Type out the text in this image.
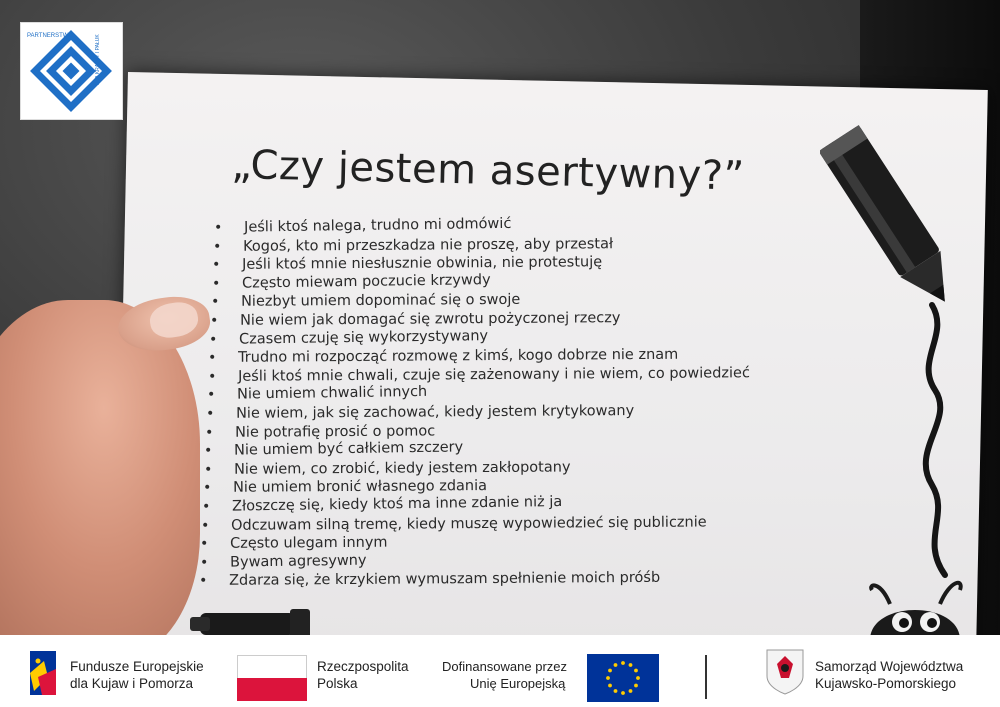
„Czy jestem asertywny?”
• Jeśli ktoś nalega, trudno mi odmówić
• Kogoś, kto mi przeszkadza nie proszę, aby przestał
• Jeśli ktoś mnie niesłusznie obwinia, nie protestuję
• Często miewam poczucie krzywdy
• Niezbyt umiem dopominać się o swoje
• Nie wiem jak domagać się zwrotu pożyczonej rzeczy
• Czasem czuję się wykorzystywany
• Trudno mi rozpocząć rozmowę z kimś, kogo dobrze nie znam
• Jeśli ktoś mnie chwali, czuje się zażenowany i nie wiem, co powiedzieć
• Nie umiem chwalić innych
• Nie wiem, jak się zachować, kiedy jestem krytykowany
• Nie potrafię prosić o pomoc
• Nie umiem być całkiem szczery
• Nie wiem, co zrobić, kiedy jestem zakłopotany
• Nie umiem bronić własnego zdania
• Złoszczę się, kiedy ktoś ma inne zdanie niż ja
• Odczuwam silną tremę, kiedy muszę wypowiedzieć się publicznie
• Często ulegam innym
• Bywam agresywny
• Zdarza się, że krzykiem wymuszam spełnienie moich próśb
PARTNERSTWO	DLA KRAJNY I PAŁUK
Fundusze Europejskie
dla Kujaw i Pomorza
Rzeczpospolita
Polska
Dofinansowane przez
Unię Europejską
Samorząd Województwa
Kujawsko-Pomorskiego
